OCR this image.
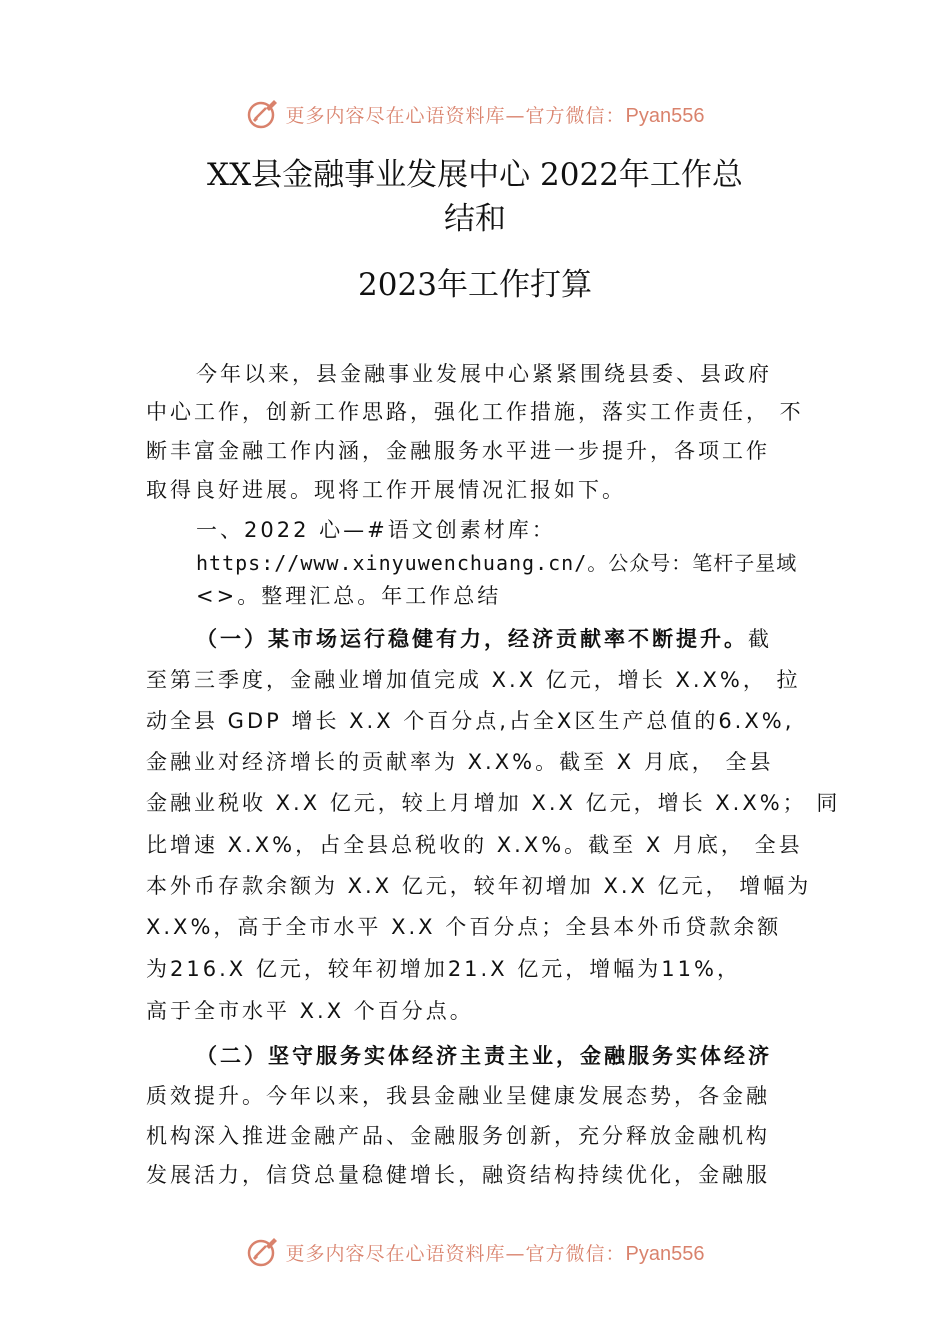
更多内容尽在心语资料库—官方微信：Pyan556
XX县金融事业发展中心 2022年工作总
结和
2023年工作打算
今年以来，县金融事业发展中心紧紧围绕县委、县政府
中心工作，创新工作思路，强化工作措施，落实工作责任， 不
断丰富金融工作内涵，金融服务水平进一步提升，各项工作
取得良好进展。现将工作开展情况汇报如下。
一、2022 心—#语文创素材库：
https://www.xinyuwenchuang.cn/。公众号：笔杆子星域
<>。整理汇总。年工作总结
（一）某市场运行稳健有力，经济贡献率不断提升。截
至第三季度，金融业增加值完成 X.X 亿元，增长 X.X%， 拉
动全县 GDP 增长 X.X 个百分点,占全X区生产总值的6.X%,
金融业对经济增长的贡献率为 X.X%。截至 X 月底， 全县
金融业税收 X.X 亿元，较上月增加 X.X 亿元，增长 X.X%； 同
比增速 X.X%，占全县总税收的 X.X%。截至 X 月底， 全县
本外币存款余额为 X.X 亿元，较年初增加 X.X 亿元， 增幅为
X.X%，高于全市水平 X.X 个百分点；全县本外币贷款余额
为216.X 亿元，较年初增加21.X 亿元，增幅为11%，
高于全市水平 X.X 个百分点。
（二）坚守服务实体经济主责主业，金融服务实体经济
质效提升。今年以来，我县金融业呈健康发展态势，各金融
机构深入推进金融产品、金融服务创新，充分释放金融机构
发展活力，信贷总量稳健增长，融资结构持续优化，金融服
更多内容尽在心语资料库—官方微信：Pyan556
